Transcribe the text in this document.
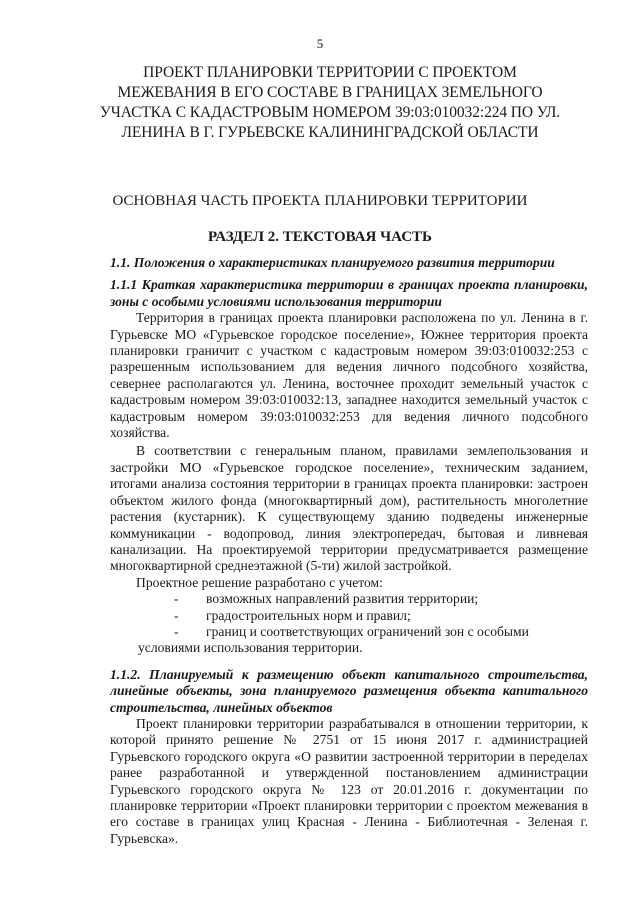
5
ПРОЕКТ ПЛАНИРОВКИ ТЕРРИТОРИИ С ПРОЕКТОМ МЕЖЕВАНИЯ В ЕГО СОСТАВЕ В ГРАНИЦАХ ЗЕМЕЛЬНОГО УЧАСТКА С КАДАСТРОВЫМ НОМЕРОМ 39:03:010032:224 ПО УЛ. ЛЕНИНА В Г. ГУРЬЕВСКЕ КАЛИНИНГРАДСКОЙ ОБЛАСТИ
ОСНОВНАЯ ЧАСТЬ ПРОЕКТА ПЛАНИРОВКИ ТЕРРИТОРИИ
РАЗДЕЛ 2. ТЕКСТОВАЯ ЧАСТЬ

1.1. Положения о характеристиках планируемого развития территории

1.1.1 Краткая характеристика территории в границах проекта планировки, зоны с особыми условиями использования территории

Территория в границах проекта планировки расположена по ул. Ленина в г. Гурьевске МО «Гурьевское городское поселение», Южнее территория проекта планировки граничит с участком с кадастровым номером 39:03:010032:253 с разрешенным использованием для ведения личного подсобного хозяйства, севернее располагаются ул. Ленина, восточнее проходит земельный участок с кадастровым номером 39:03:010032:13, западнее находится земельный участок с кадастровым номером 39:03:010032:253 для ведения личного подсобного хозяйства.

В соответствии с генеральным планом, правилами землепользования и застройки МО «Гурьевское городское поселение», техническим заданием, итогами анализа состояния территории в границах проекта планировки: застроен объектом жилого фонда (многоквартирный дом), растительность многолетние растения (кустарник). К существующему зданию подведены инженерные коммуникации - водопровод, линия электропередач, бытовая и ливневая канализации. На проектируемой территории предусматривается размещение многоквартирной среднеэтажной (5-ти) жилой застройкой.

Проектное решение разработано с учетом:

- возможных направлений развития территории;
- градостроительных норм и правил;
- границ и соответствующих ограничений зон с особыми

условиями использования территории.

1.1.2. Планируемый к размещению объект капитального строительства, линейные объекты, зона планируемого размещения объекта капитального строительства, линейных объектов

Проект планировки территории разрабатывался в отношении территории, к которой принято решение № 2751 от 15 июня 2017 г. администрацией Гурьевского городского округа «О развитии застроенной территории в переделах ранее разработанной и утвержденной постановлением администрации Гурьевского городского округа № 123 от 20.01.2016 г. документации по планировке территории «Проект планировки территории с проектом межевания в его составе в границах улиц Красная - Ленина - Библиотечная - Зеленая г. Гурьевска».
